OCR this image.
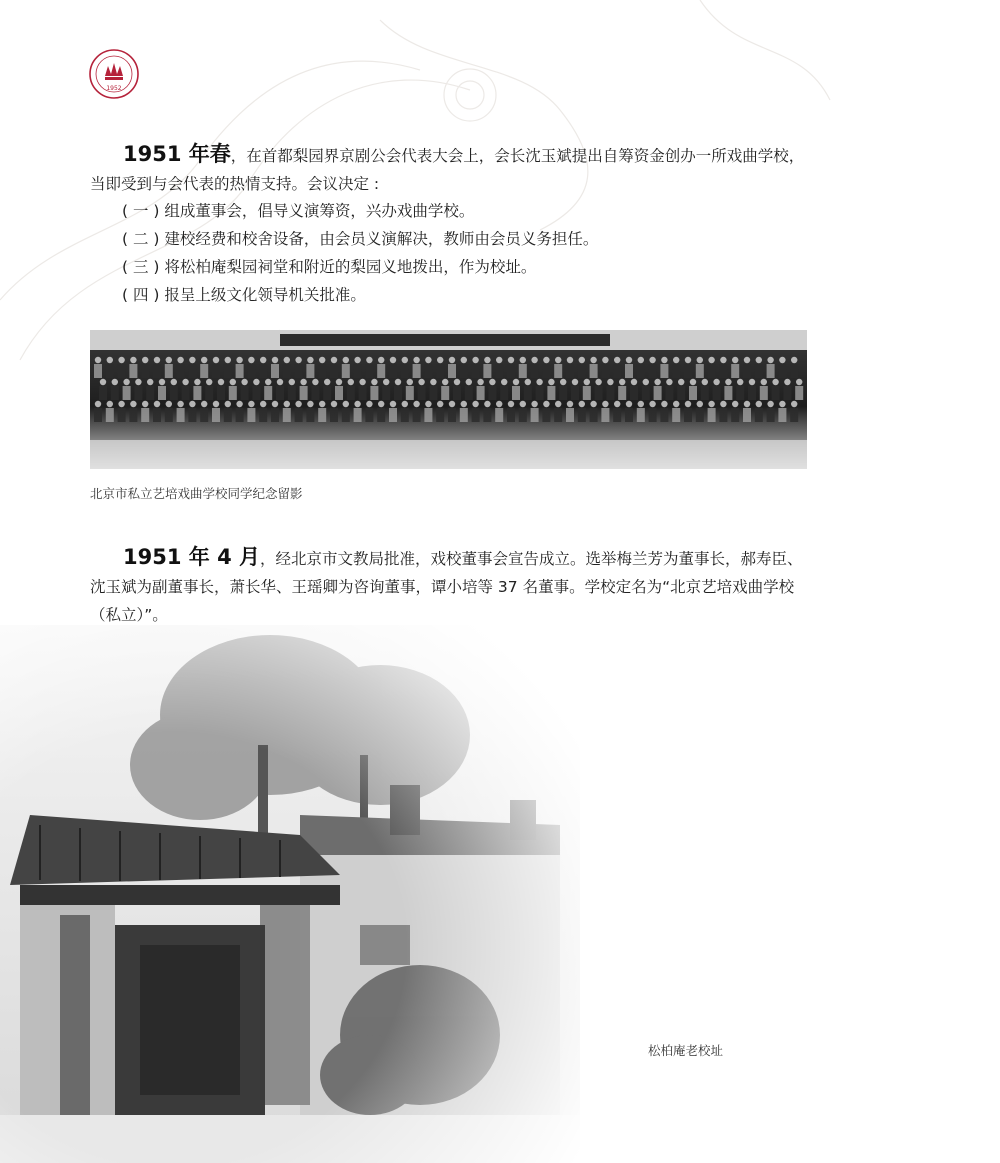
1952
1951 年春，在首都梨园界京剧公会代表大会上，会长沈玉斌提出自筹资金创办一所戏曲学校，当即受到与会代表的热情支持。会议决定 :
( 一 ) 组成董事会，倡导义演筹资，兴办戏曲学校。
( 二 ) 建校经费和校舍设备，由会员义演解决，教师由会员义务担任。
( 三 ) 将松柏庵梨园祠堂和附近的梨园义地拨出，作为校址。
( 四 ) 报呈上级文化领导机关批准。
北京市私立艺培戏曲学校同学纪念留影
1951 年 4 月，经北京市文教局批准，戏校董事会宣告成立。选举梅兰芳为董事长，郝寿臣、沈玉斌为副董事长，萧长华、王瑶卿为咨询董事，谭小培等 37 名董事。学校定名为“北京艺培戏曲学校（私立）”。
松柏庵老校址
